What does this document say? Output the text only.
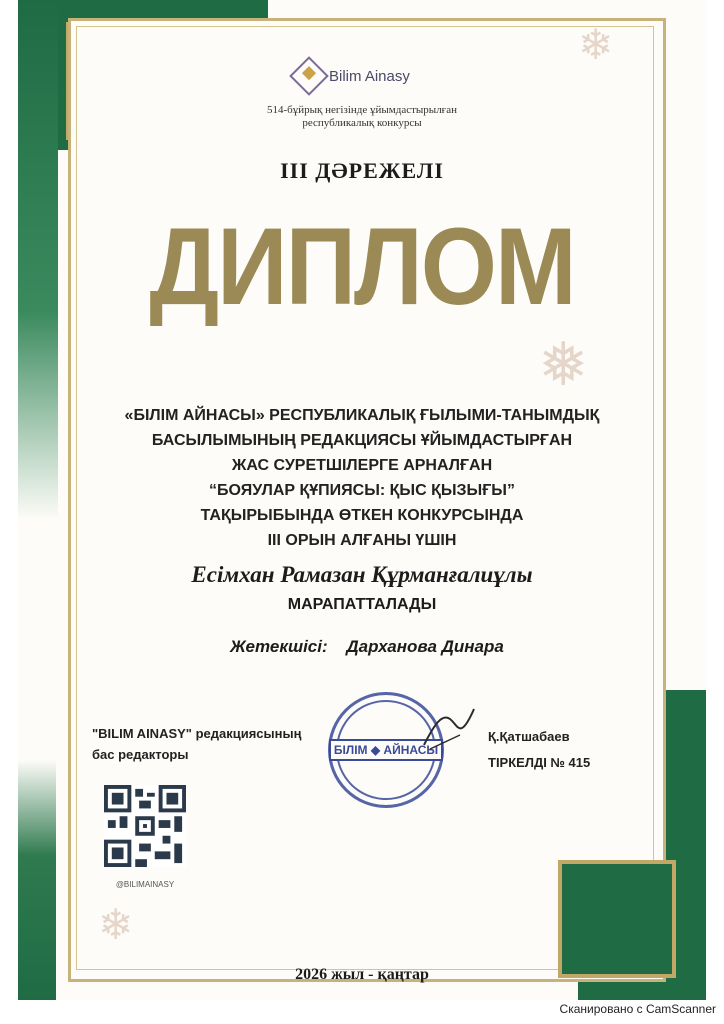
❄
❅
❄
Bilim Ainasy
514-бұйрық негізінде ұйымдастырылған
республикалық конкурсы
III ДӘРЕЖЕЛІ
ДИПЛОМ
«БІЛІМ АЙНАСЫ» РЕСПУБЛИКАЛЫҚ ҒЫЛЫМИ-ТАНЫМДЫҚ
БАСЫЛЫМЫНЫҢ РЕДАКЦИЯСЫ ҰЙЫМДАСТЫРҒАН
ЖАС СУРЕТШІЛЕРГЕ АРНАЛҒАН
“БОЯУЛАР ҚҰПИЯСЫ: ҚЫС ҚЫЗЫҒЫ”
ТАҚЫРЫБЫНДА ӨТКЕН КОНКУРСЫНДА
III ОРЫН АЛҒАНЫ ҮШІН
Есімхан Рамазан Құрманғалиұлы
МАРАПАТТАЛАДЫ
Жетекшісі: Дарханова Динара
"BILIM AINASY" редакциясының
бас редакторы	БІЛІМ ◆ АЙНАСЫ
Қ.Қатшабаев
ТІРКЕЛДІ № 415
@BILIMAINASY
2026 жыл - қаңтар
Сканировано с CamScanner
